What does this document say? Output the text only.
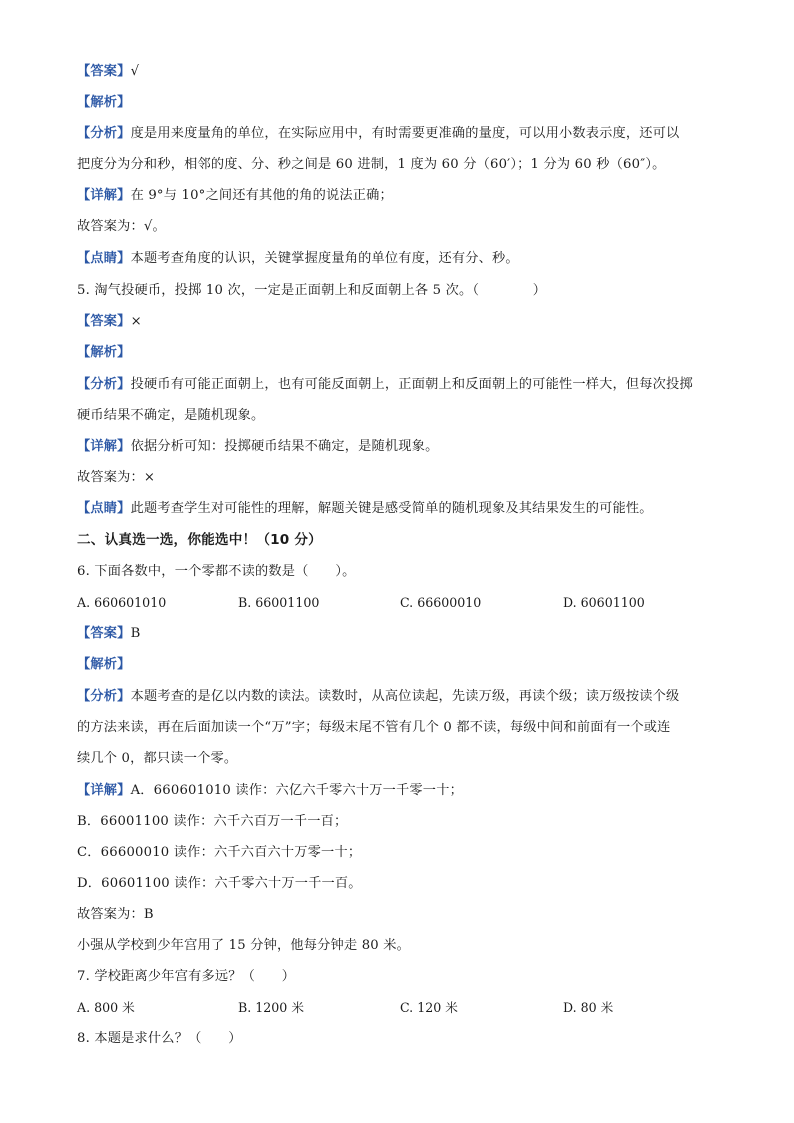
【答案】√
【解析】
【分析】度是用来度量角的单位，在实际应用中，有时需要更准确的量度，可以用小数表示度，还可以
把度分为分和秒，相邻的度、分、秒之间是 60 进制，1 度为 60 分（60′）；1 分为 60 秒（60″）。
【详解】在 9°与 10°之间还有其他的角的说法正确；
故答案为：√。
【点睛】本题考查角度的认识，关键掌握度量角的单位有度，还有分、秒。
5. 淘气投硬币，投掷 10 次，一定是正面朝上和反面朝上各 5 次。（　　　　）
【答案】×
【解析】
【分析】投硬币有可能正面朝上，也有可能反面朝上，正面朝上和反面朝上的可能性一样大，但每次投掷
硬币结果不确定，是随机现象。
【详解】依据分析可知：投掷硬币结果不确定，是随机现象。
故答案为：×
【点睛】此题考查学生对可能性的理解，解题关键是感受简单的随机现象及其结果发生的可能性。
二、认真选一选，你能选中！（10 分）
6. 下面各数中，一个零都不读的数是（　　）。
A. 660601010	B. 66001100	C. 66600010	D. 60601100
【答案】B
【解析】
【分析】本题考查的是亿以内数的读法。读数时，从高位读起，先读万级，再读个级；读万级按读个级
的方法来读，再在后面加读一个“万”字；每级末尾不管有几个 0 都不读，每级中间和前面有一个或连
续几个 0，都只读一个零。
【详解】A．660601010 读作：六亿六千零六十万一千零一十；
B．66001100 读作：六千六百万一千一百；
C．66600010 读作：六千六百六十万零一十；
D．60601100 读作：六千零六十万一千一百。
故答案为：B
小强从学校到少年宫用了 15 分钟，他每分钟走 80 米。
7. 学校距离少年宫有多远？（　　）
A. 800 米	B. 1200 米	C. 120 米	D. 80 米
8. 本题是求什么？（　　）
